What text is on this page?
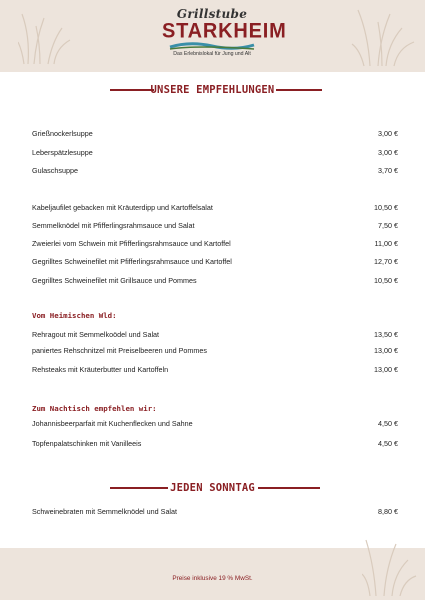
Grillstube
STARKHEIM
Das Erlebnislokal für Jung und Alt
UNSERE EMPFEHLUNGEN
Grießnockerlsuppe	3,00 €
Leberspätzlesuppe	3,00 €
Gulaschsuppe	3,70 €
Kabeljaufilet gebacken mit Kräuterdipp und Kartoffelsalat	10,50 €
Semmelknödel mit Pfifferlingsrahmsauce und Salat	7,50 €
Zweierlei vom Schwein mit Pfifferlingsrahmsauce und Kartoffel	11,00 €
Gegrilltes Schweinefilet mit Pfifferlingsrahmsauce und Kartoffel	12,70 €
Gegrilltes Schweinefilet mit Grillsauce und Pommes	10,50 €
Vom Heimischen Wld:
Rehragout mit Semmelkoödel und Salat	13,50 €
paniertes Rehschnitzel mit Preiselbeeren und Pommes	13,00 €
Rehsteaks mit Kräuterbutter und Kartoffeln	13,00 €
Zum Nachtisch empfehlen wir:
Johannisbeerparfait mit Kuchenflecken und Sahne	4,50 €
Topfenpalatschinken mit Vanilleeis	4,50 €
JEDEN SONNTAG
Schweinebraten mit Semmelknödel und Salat	8,80 €
Preise inklusive 19 % MwSt.
